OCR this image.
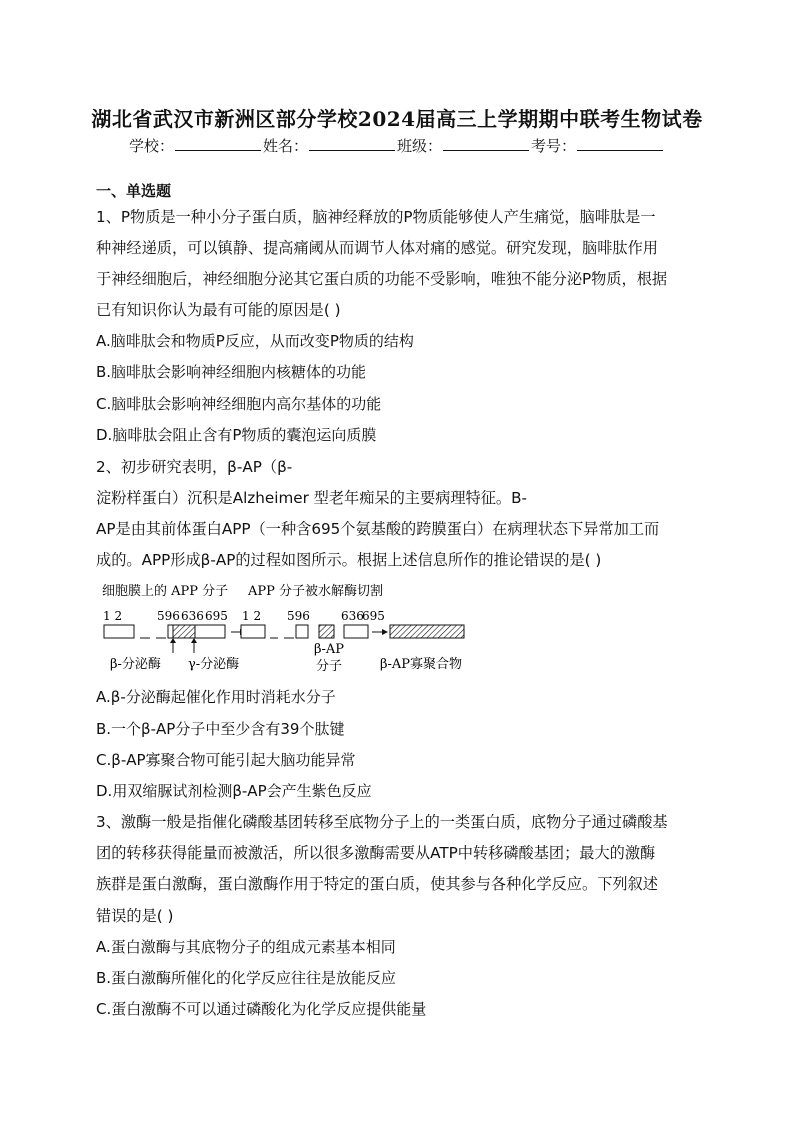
湖北省武汉市新洲区部分学校2024届高三上学期期中联考生物试卷
学校：	姓名：	班级：	考号：
一、单选题
1、P物质是一种小分子蛋白质，脑神经释放的P物质能够使人产生痛觉，脑啡肽是一
种神经递质，可以镇静、提高痛阈从而调节人体对痛的感觉。研究发现，脑啡肽作用
于神经细胞后，神经细胞分泌其它蛋白质的功能不受影响，唯独不能分泌P物质，根据
已有知识你认为最有可能的原因是( )
A.脑啡肽会和物质P反应，从而改变P物质的结构
B.脑啡肽会影响神经细胞内核糖体的功能
C.脑啡肽会影响神经细胞内高尔基体的功能
D.脑啡肽会阻止含有P物质的囊泡运向质膜
2、初步研究表明，β-AP（β-
淀粉样蛋白）沉积是Alzheimer 型老年痴呆的主要病理特征。B-
AP是由其前体蛋白APP（一种含695个氨基酸的跨膜蛋白）在病理状态下异常加工而
成的。APP形成β-AP的过程如图所示。根据上述信息所作的推论错误的是( )
细胞膜上的 APP 分子 APP 分子被水解酶切割
1 2	596 636 695
β-分泌酶 γ-分泌酶
1 2 596	636
695
β-AP
分子	β-AP寡聚合物
A.β-分泌酶起催化作用时消耗水分子
B.一个β-AP分子中至少含有39个肽键
C.β-AP寡聚合物可能引起大脑功能异常
D.用双缩脲试剂检测β-AP会产生紫色反应
3、激酶一般是指催化磷酸基团转移至底物分子上的一类蛋白质，底物分子通过磷酸基
团的转移获得能量而被激活，所以很多激酶需要从ATP中转移磷酸基团；最大的激酶
族群是蛋白激酶，蛋白激酶作用于特定的蛋白质，使其参与各种化学反应。下列叙述
错误的是( )
A.蛋白激酶与其底物分子的组成元素基本相同
B.蛋白激酶所催化的化学反应往往是放能反应
C.蛋白激酶不可以通过磷酸化为化学反应提供能量
